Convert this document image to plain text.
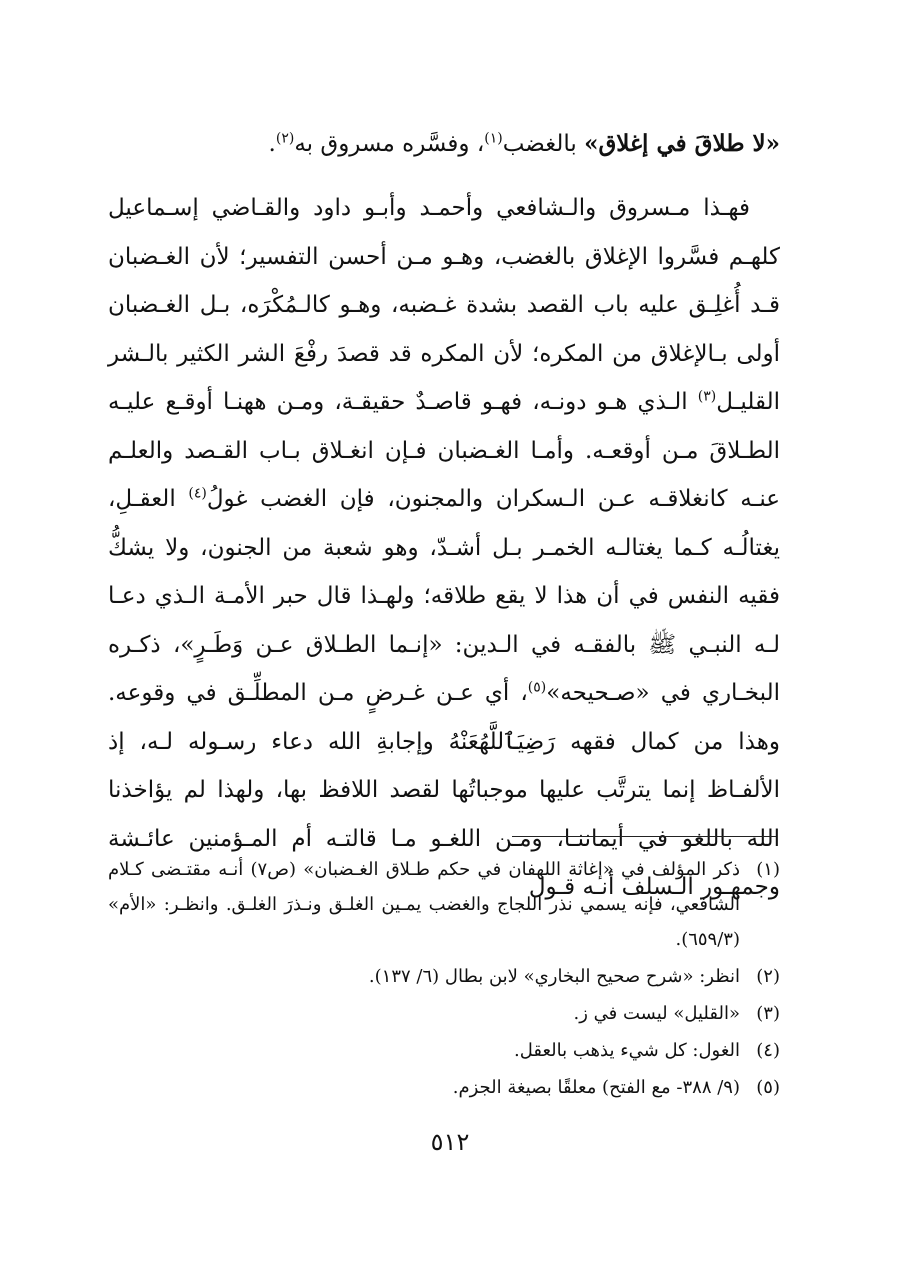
«لا طلاقَ في إغلاق» بالغضب$^{(١)}$، وفسَّره مسروق به$^{(٢)}$.
فهـذا مـسروق والـشافعي وأحمـد وأبـو داود والقـاضي إسـماعيل كلهـم فسَّروا الإغلاق بالغضب، وهـو مـن أحسن التفسير؛ لأن الغـضبان قـد أُغلِـق عليه باب القصد بشدة غـضبه، وهـو كالـمُكْرَه، بـل الغـضبان أولى بـالإغلاق من المكره؛ لأن المكره قد قصدَ رفْعَ الشر الكثير بالـشر القليـل$^{(٣)}$ الـذي هـو دونـه، فهـو قاصـدٌ حقيقـة، ومـن ههنـا أوقـع عليـه الطـلاقَ مـن أوقعـه. وأمـا الغـضبان فـإن انغـلاق بـاب القـصد والعلـم عنـه كانغلاقـه عـن الـسكران والمجنون، فإن الغضب غولُ$^{(٤)}$ العقـلِ، يغتالُـه كـما يغتالـه الخمـر بـل أشـدّ، وهو شعبة من الجنون، ولا يشكُّ فقيه النفس في أن هذا لا يقع طلاقه؛ ولهـذا قال حبر الأمـة الـذي دعـا لـه النبـي ﷺ بالفقـه في الـدين: «إنـما الطـلاق عـن وَطَـرٍ»، ذكـره البخـاري في «صـحيحه»$^{(٥)}$، أي عـن غـرضٍ مـن المطلِّـق في وقوعه. وهذا من كمال فقهه رَضِيَٱللَّهُعَنْهُ وإجابةِ الله دعاء رسـوله لـه، إذ الألفـاظ إنما يترتَّب عليها موجباتُها لقصد اللافظ بها، ولهذا لم يؤاخذنا الله باللغو في أيماننـا، ومـن اللغـو مـا قالتـه أم المـؤمنين عائـشة وجمهـور الـسلف أنـه قـول
(١)
ذكر المؤلف في «إغاثة اللهفان في حكم طـلاق الغـضبان» (ص٧) أنـه مقتـضى كـلام الشافعي، فإنه يسمي نذر اللجاج والغضب يمـين الغلـق ونـذرَ الغلـق. وانظـر: «الأم» (٦٥٩/٣).
(٢)
انظر: «شرح صحيح البخاري» لابن بطال (٦/ ١٣٧).
(٣)
«القليل» ليست في ز.
(٤)
الغول: كل شيء يذهب بالعقل.
(٥)
(٩/ ٣٨٨- مع الفتح) معلقًا بصيغة الجزم.
٥١٢
